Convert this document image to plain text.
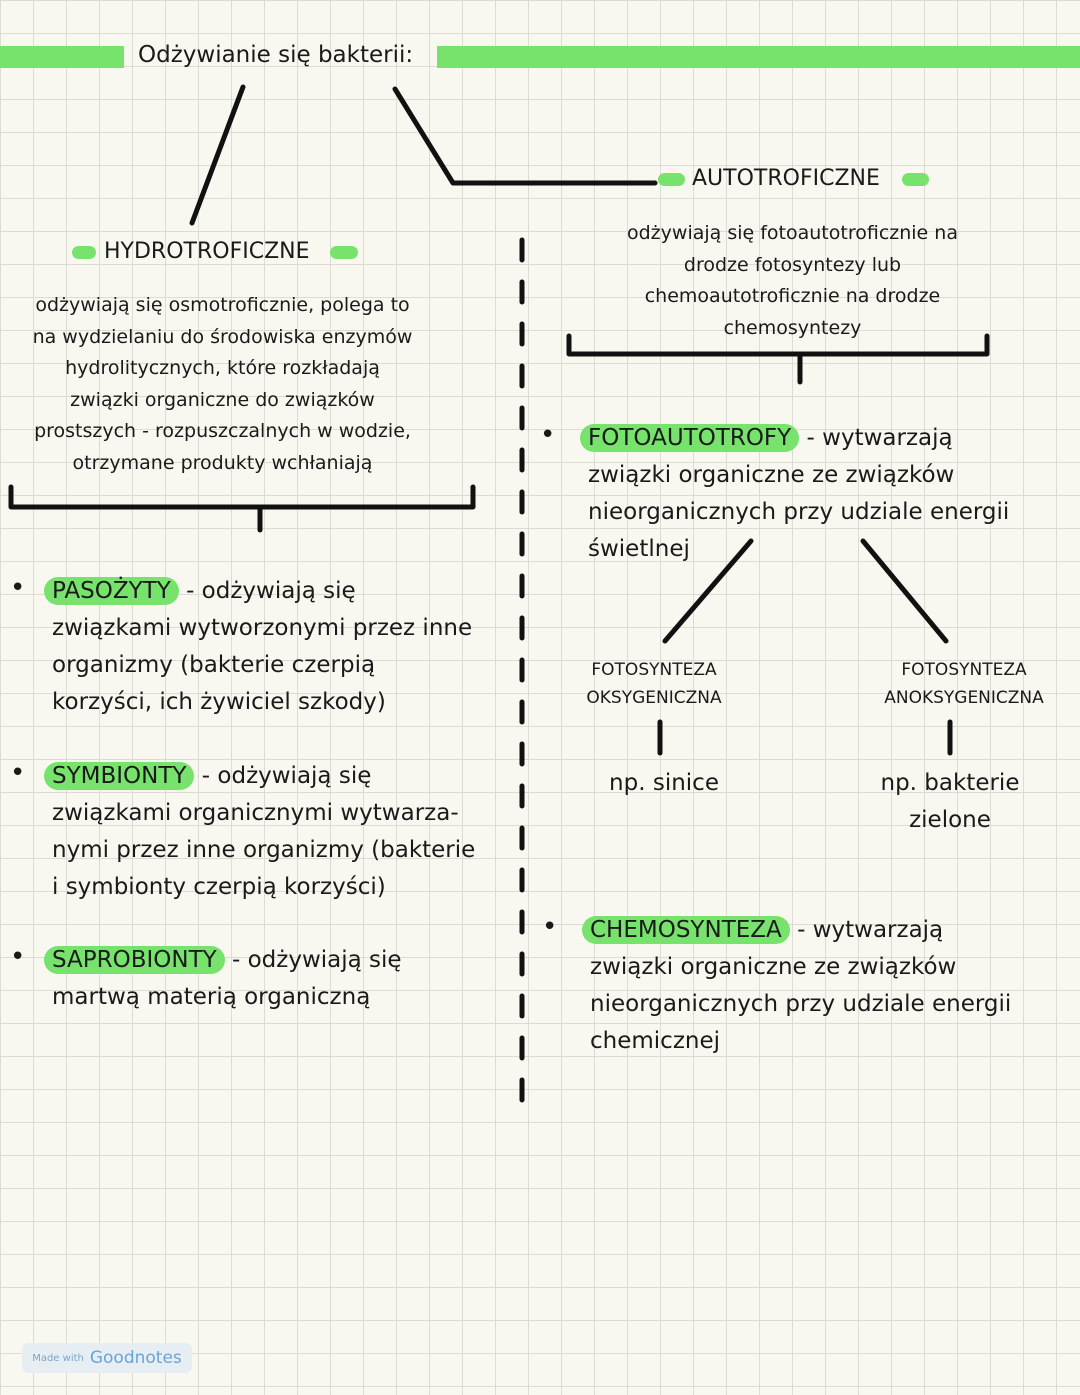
Odżywianie się bakterii:
HYDROTROFICZNE
odżywiają się osmotroficznie, polega to
na wydzielaniu do środowiska enzymów
hydrolitycznych, które rozkładają
związki organiczne do związków
prostszych - rozpuszczalnych w wodzie,
otrzymane produkty wchłaniają
•	PASOŻYTY - odżywiają się
związkami wytworzonymi przez inne
organizmy (bakterie czerpią
korzyści, ich żywiciel szkody)
•	SYMBIONTY - odżywiają się
związkami organicznymi wytwarza-
nymi przez inne organizmy (bakterie
i symbionty czerpią korzyści)
•	SAPROBIONTY - odżywiają się
martwą materią organiczną
AUTOTROFICZNE
odżywiają się fotoautotroficznie na
drodze fotosyntezy lub
chemoautotroficznie na drodze
chemosyntezy
•	FOTOAUTOTROFY - wytwarzają
związki organiczne ze związków
nieorganicznych przy udziale energii
świetlnej
FOTOSYNTEZA
OKSYGENICZNA
np. sinice
FOTOSYNTEZA
ANOKSYGENICZNA
np. bakterie
zielone
•	CHEMOSYNTEZA - wytwarzają
związki organiczne ze związków
nieorganicznych przy udziale energii
chemicznej
Made with Goodnotes
